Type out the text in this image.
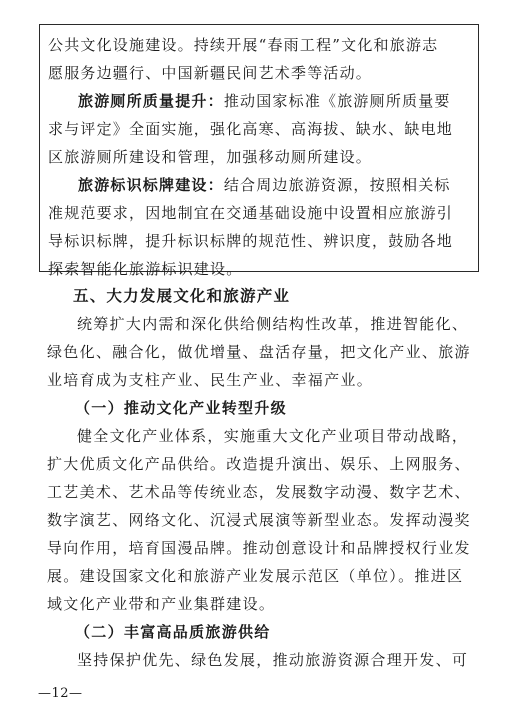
公共文化设施建设。持续开展“春雨工程”文化和旅游志
愿服务边疆行、中国新疆民间艺术季等活动。
旅游厕所质量提升：推动国家标准《旅游厕所质量要
求与评定》全面实施，强化高寒、高海拔、缺水、缺电地
区旅游厕所建设和管理，加强移动厕所建设。
旅游标识标牌建设：结合周边旅游资源，按照相关标
准规范要求，因地制宜在交通基础设施中设置相应旅游引
导标识标牌，提升标识标牌的规范性、辨识度，鼓励各地
探索智能化旅游标识建设。
五、大力发展文化和旅游产业
统筹扩大内需和深化供给侧结构性改革，推进智能化、
绿色化、融合化，做优增量、盘活存量，把文化产业、旅游
业培育成为支柱产业、民生产业、幸福产业。
（一）推动文化产业转型升级
健全文化产业体系，实施重大文化产业项目带动战略，
扩大优质文化产品供给。改造提升演出、娱乐、上网服务、
工艺美术、艺术品等传统业态，发展数字动漫、数字艺术、
数字演艺、网络文化、沉浸式展演等新型业态。发挥动漫奖
导向作用，培育国漫品牌。推动创意设计和品牌授权行业发
展。建设国家文化和旅游产业发展示范区（单位）。推进区
域文化产业带和产业集群建设。
（二）丰富高品质旅游供给
坚持保护优先、绿色发展，推动旅游资源合理开发、可
—12—
